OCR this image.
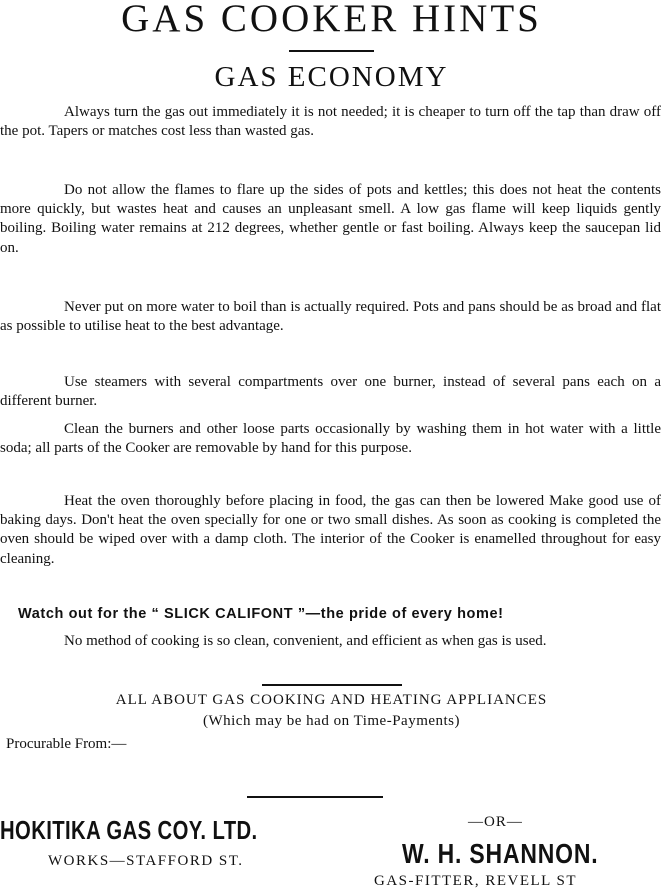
GAS COOKER HINTS
GAS ECONOMY

Always turn the gas out immediately it is not needed; it is cheaper to turn off the tap than draw off the pot. Tapers or matches cost less than wasted gas.

Do not allow the flames to flare up the sides of pots and kettles; this does not heat the contents more quickly, but wastes heat and causes an unpleasant smell. A low gas flame will keep liquids gently boiling. Boiling water remains at 212 degrees, whether gentle or fast boiling. Always keep the saucepan lid on.

Never put on more water to boil than is actually required. Pots and pans should be as broad and flat as possible to utilise heat to the best advantage.

Use steamers with several compartments over one burner, instead of several pans each on a different burner.

Clean the burners and other loose parts occasionally by washing them in hot water with a little soda; all parts of the Cooker are removable by hand for this purpose.

Heat the oven thoroughly before placing in food, the gas can then be lowered Make good use of baking days. Don't heat the oven specially for one or two small dishes. As soon as cooking is completed the oven should be wiped over with a damp cloth. The interior of the Cooker is enamelled throughout for easy cleaning.

Watch out for the “ SLICK CALIFONT ”—the pride of every home!

No method of cooking is so clean, convenient, and efficient as when gas is used.

ALL ABOUT GAS COOKING AND HEATING APPLIANCES
(Which may be had on Time-Payments)
Procurable From:—
HOKITIKA GAS COY. LTD.
WORKS—STAFFORD ST.
—OR—
W. H. SHANNON.
GAS-FITTER, REVELL ST
